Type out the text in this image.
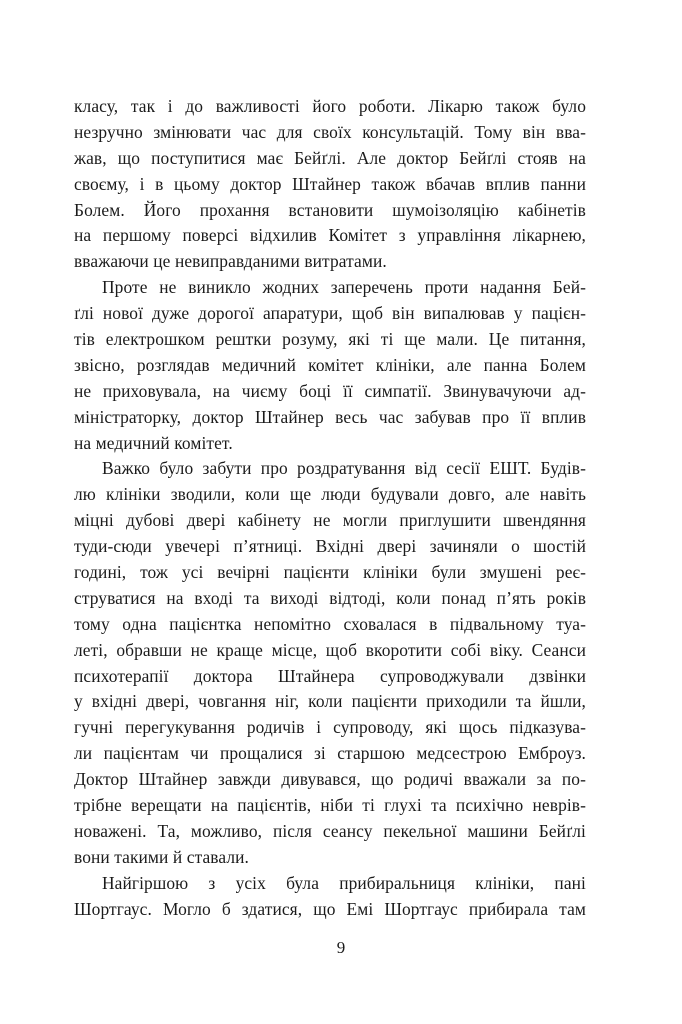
класу, так і до важливості його роботи. Лікарю також було
незручно змінювати час для своїх консультацій. Тому він вва-
жав, що поступитися має Бейґлі. Але доктор Бейґлі стояв на
своєму, і в цьому доктор Штайнер також вбачав вплив панни
Болем. Його прохання встановити шумоізоляцію кабінетів
на першому поверсі відхилив Комітет з управління лікарнею,
вважаючи це невиправданими витратами.
Проте не виникло жодних заперечень проти надання Бей-
ґлі нової дуже дорогої апаратури, щоб він випалював у пацієн-
тів електрошком рештки розуму, які ті ще мали. Це питання,
звісно, розглядав медичний комітет клініки, але панна Болем
не приховувала, на чиєму боці її симпатії. Звинувачуючи ад-
міністраторку, доктор Штайнер весь час забував про її вплив
на медичний комітет.
Важко було забути про роздратування від сесії ЕШТ. Будів-
лю клініки зводили, коли ще люди будували довго, але навіть
міцні дубові двері кабінету не могли приглушити швендяння
туди-сюди увечері п’ятниці. Вхідні двері зачиняли о шостій
годині, тож усі вечірні пацієнти клініки були змушені реє-
струватися на вході та виході відтоді, коли понад п’ять років
тому одна пацієнтка непомітно сховалася в підвальному туа-
леті, обравши не краще місце, щоб вкоротити собі віку. Сеанси
психотерапії доктора Штайнера супроводжували дзвінки
у вхідні двері, човгання ніг, коли пацієнти приходили та йшли,
гучні перегукування родичів і супроводу, які щось підказува-
ли пацієнтам чи прощалися зі старшою медсестрою Емброуз.
Доктор Штайнер завжди дивувався, що родичі вважали за по-
трібне верещати на пацієнтів, ніби ті глухі та психічно неврів-
новажені. Та, можливо, після сеансу пекельної машини Бейґлі
вони такими й ставали.
Найгіршою з усіх була прибиральниця клініки, пані
Шортгаус. Могло б здатися, що Емі Шортгаус прибирала там
9
